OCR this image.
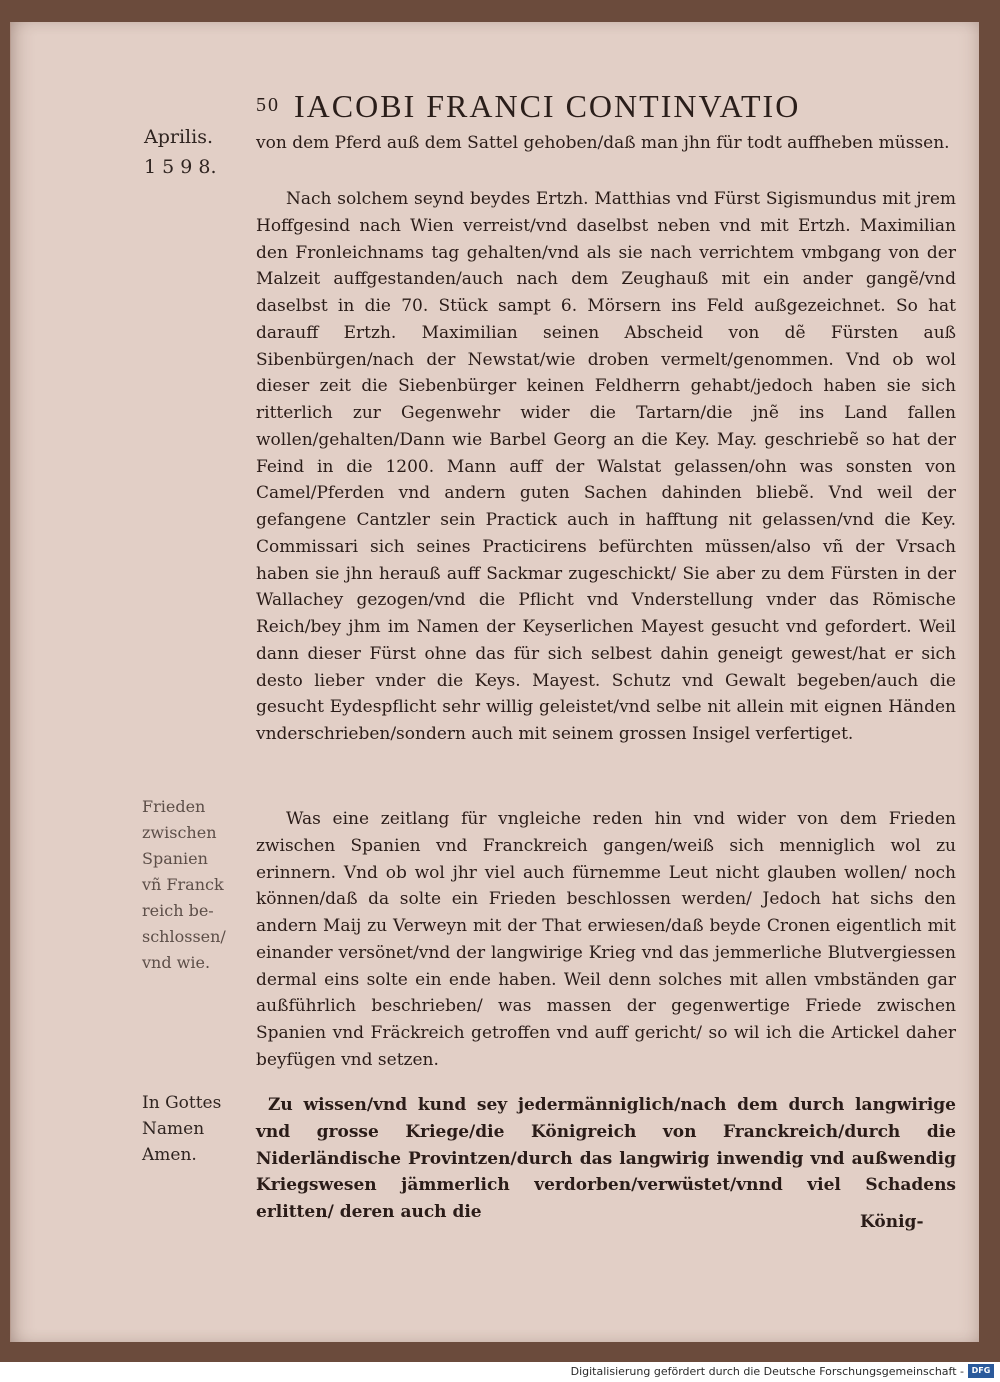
50 IACOBI FRANCI CONTINVATIO
Aprilis.
1 5 9 8.
Frieden
zwischen
Spanien
vñ Franck
reich be-
schlossen/
vnd wie.
In Gottes
Namen
Amen.
von dem Pferd auß dem Sattel gehoben/daß man jhn für todt auffheben müssen.
Nach solchem seynd beydes Ertzh. Matthias vnd Fürst Sigismundus mit jrem Hoffgesind nach Wien verreist/vnd daselbst neben vnd mit Ertzh. Maximilian den Fronleichnams tag gehalten/vnd als sie nach verrichtem vmbgang von der Malzeit auffgestanden/auch nach dem Zeughauß mit ein ander gangẽ/vnd daselbst in die 70. Stück sampt 6. Mörsern ins Feld außgezeichnet. So hat darauff Ertzh. Maximilian seinen Abscheid von dẽ Fürsten auß Sibenbürgen/nach der Newstat/wie droben vermelt/genommen. Vnd ob wol dieser zeit die Siebenbürger keinen Feldherrn gehabt/jedoch haben sie sich ritterlich zur Gegenwehr wider die Tartarn/die jnẽ ins Land fallen wollen/gehalten/Dann wie Barbel Georg an die Key. May. geschriebẽ so hat der Feind in die 1200. Mann auff der Walstat gelassen/ohn was sonsten von Camel/Pferden vnd andern guten Sachen dahinden bliebẽ. Vnd weil der gefangene Cantzler sein Practick auch in hafftung nit gelassen/vnd die Key. Commissari sich seines Practicirens befürchten müssen/also vñ der Vrsach haben sie jhn herauß auff Sackmar zugeschickt/ Sie aber zu dem Fürsten in der Wallachey gezogen/vnd die Pflicht vnd Vnderstellung vnder das Römische Reich/bey jhm im Namen der Keyserlichen Mayest gesucht vnd gefordert. Weil dann dieser Fürst ohne das für sich selbest dahin geneigt gewest/hat er sich desto lieber vnder die Keys. Mayest. Schutz vnd Gewalt begeben/auch die gesucht Eydespflicht sehr willig geleistet/vnd selbe nit allein mit eignen Händen vnderschrieben/sondern auch mit seinem grossen Insigel verfertiget.
Was eine zeitlang für vngleiche reden hin vnd wider von dem Frieden zwischen Spanien vnd Franckreich gangen/weiß sich menniglich wol zu erinnern. Vnd ob wol jhr viel auch fürnemme Leut nicht glauben wollen/ noch können/daß da solte ein Frieden beschlossen werden/ Jedoch hat sichs den andern Maij zu Verweyn mit der That erwiesen/daß beyde Cronen eigentlich mit einander versönet/vnd der langwirige Krieg vnd das jemmerliche Blutvergiessen dermal eins solte ein ende haben. Weil denn solches mit allen vmbständen gar außführlich beschrieben/ was massen der gegenwertige Friede zwischen Spanien vnd Fräckreich getroffen vnd auff gericht/ so wil ich die Artickel daher beyfügen vnd setzen.
Zu wissen/vnd kund sey jedermänniglich/nach dem durch langwirige vnd grosse Kriege/die Königreich von Franckreich/durch die Niderländische Provintzen/durch das langwirig inwendig vnd außwendig Kriegswesen jämmerlich verdorben/verwüstet/vnnd viel Schadens erlitten/ deren auch die	König-
Digitalisierung gefördert durch die Deutsche Forschungsgemeinschaft - DFG
